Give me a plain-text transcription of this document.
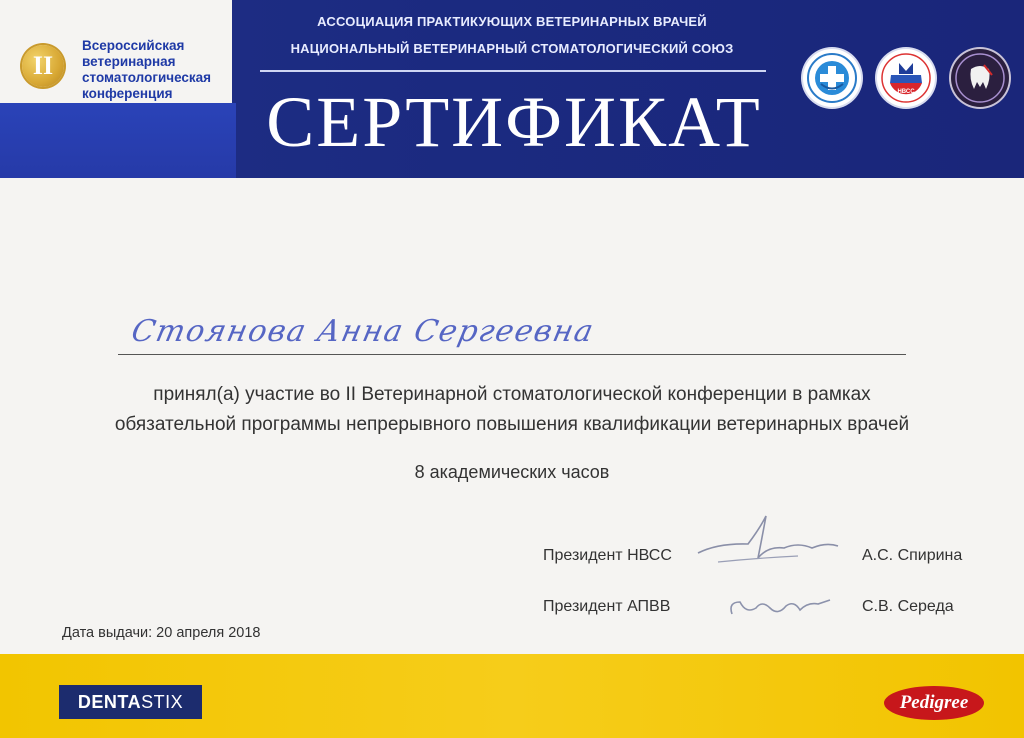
II
Всероссийская
ветеринарная
стоматологическая
конференция
АССОЦИАЦИЯ ПРАКТИКУЮЩИХ ВЕТЕРИНАРНЫХ ВРАЧЕЙ
НАЦИОНАЛЬНЫЙ ВЕТЕРИНАРНЫЙ СТОМАТОЛОГИЧЕСКИЙ СОЮЗ
СЕРТИФИКАТ	НВСС
Стоянова Анна Сергеевна
принял(а) участие во II Ветеринарной стоматологической конференции в рамках
обязательной программы непрерывного повышения квалификации ветеринарных врачей
8 академических часов
Президент НВСС	А.С. Спирина
Президент АПВВ	С.В. Середа
Дата выдачи: 20 апреля 2018
DENTASTIX	Pedigree
